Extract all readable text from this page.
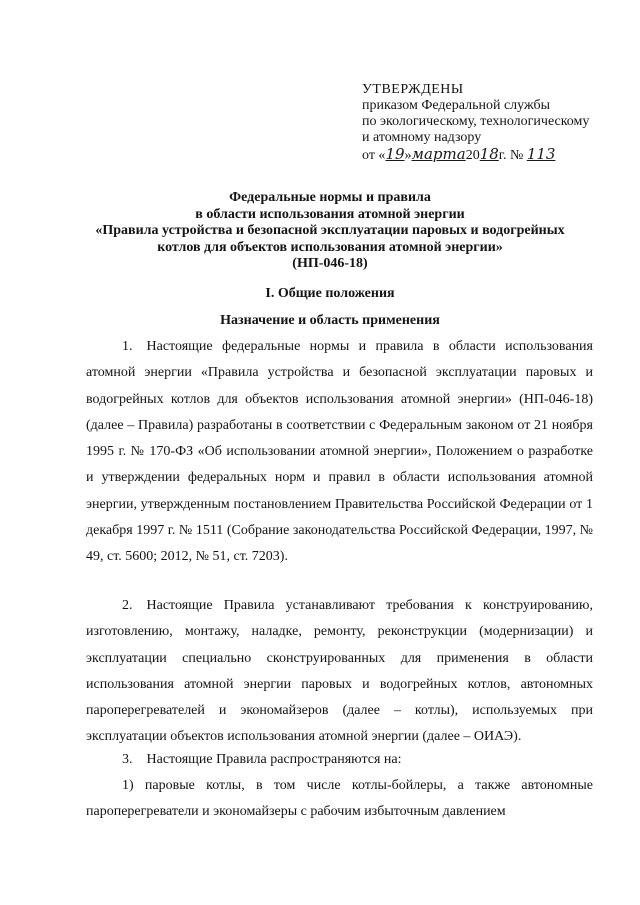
УТВЕРЖДЕНЫ
приказом Федеральной службы
по экологическому, технологическому
и атомному надзору
от «19»марта2018г. № 113
Федеральные нормы и правила
в области использования атомной энергии
«Правила устройства и безопасной эксплуатации паровых и водогрейных
котлов для объектов использования атомной энергии»
(НП-046-18)
I. Общие положения
Назначение и область применения
1. Настоящие федеральные нормы и правила в области использования атомной энергии «Правила устройства и безопасной эксплуатации паровых и водогрейных котлов для объектов использования атомной энергии» (НП-046-18) (далее – Правила) разработаны в соответствии с Федеральным законом от 21 ноября 1995 г. № 170-ФЗ «Об использовании атомной энергии», Положением о разработке и утверждении федеральных норм и правил в области использования атомной энергии, утвержденным постановлением Правительства Российской Федерации от 1 декабря 1997 г. № 1511 (Собрание законодательства Российской Федерации, 1997, № 49, ст. 5600; 2012, № 51, ст. 7203).
2. Настоящие Правила устанавливают требования к конструированию, изготовлению, монтажу, наладке, ремонту, реконструкции (модернизации) и эксплуатации специально сконструированных для применения в области использования атомной энергии паровых и водогрейных котлов, автономных пароперегревателей и экономайзеров (далее – котлы), используемых при эксплуатации объектов использования атомной энергии (далее – ОИАЭ).
3. Настоящие Правила распространяются на:
1) паровые котлы, в том числе котлы-бойлеры, а также автономные пароперегреватели и экономайзеры с рабочим избыточным давлением
